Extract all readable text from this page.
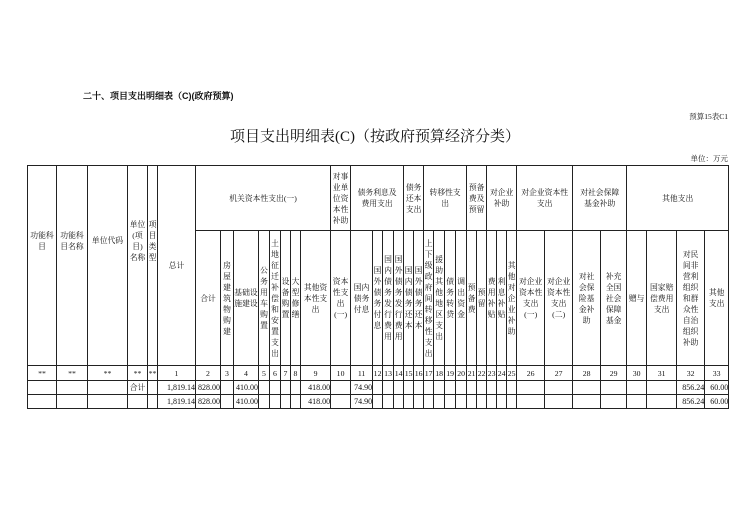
二十、项目支出明细表（C)(政府预算)
预算15表C1
项目支出明细表(C)（按政府预算经济分类）
单位：万元
功能科目	功能科目名称	单位代码	单位(项目)名称	项目类型	总计	机关资本性支出(一)								对事业单位资本性补助	债务利息及费用支出				债务还本支出		转移性支出				预备费及预留		对企业补助			对企业资本性支出		对社会保障基金补助		其他支出			
						合计	房屋建筑物购建	基础设施建设	公务用车购置	土地征迁补偿和安置支出	设备购置	大型修缮	其他资本性支出	资本性支出(一)	国内债务付息	国外债务付息	国内债务发行费用	国外债务发行费用	国内债务还本	国外债务还本	上下级政府间转移性支出	援助其他地区支出	债务转贷	调出资金	预备费	预留	费用补贴	利息补贴	其他对企业补助	对企业资本性支出(一)	对企业资本性支出(二)	对社会保险基金补助	补充全国社会保障基金	赠与	国家赔偿费用支出	对民间非营利组织和群众性自治组织补助	其他支出
**	**	**	**	**	1	2	3	4	5	6	7	8	9	10	11	12	13	14	15	16	17	18	19	20	21	22	23	24	25	26	27	28	29	30	31	32	33
			合计		1,819.14	828.00		410.00					418.00		74.90																					856.24	60.00
					1,819.14	828.00		410.00					418.00		74.90																					856.24	60.00
